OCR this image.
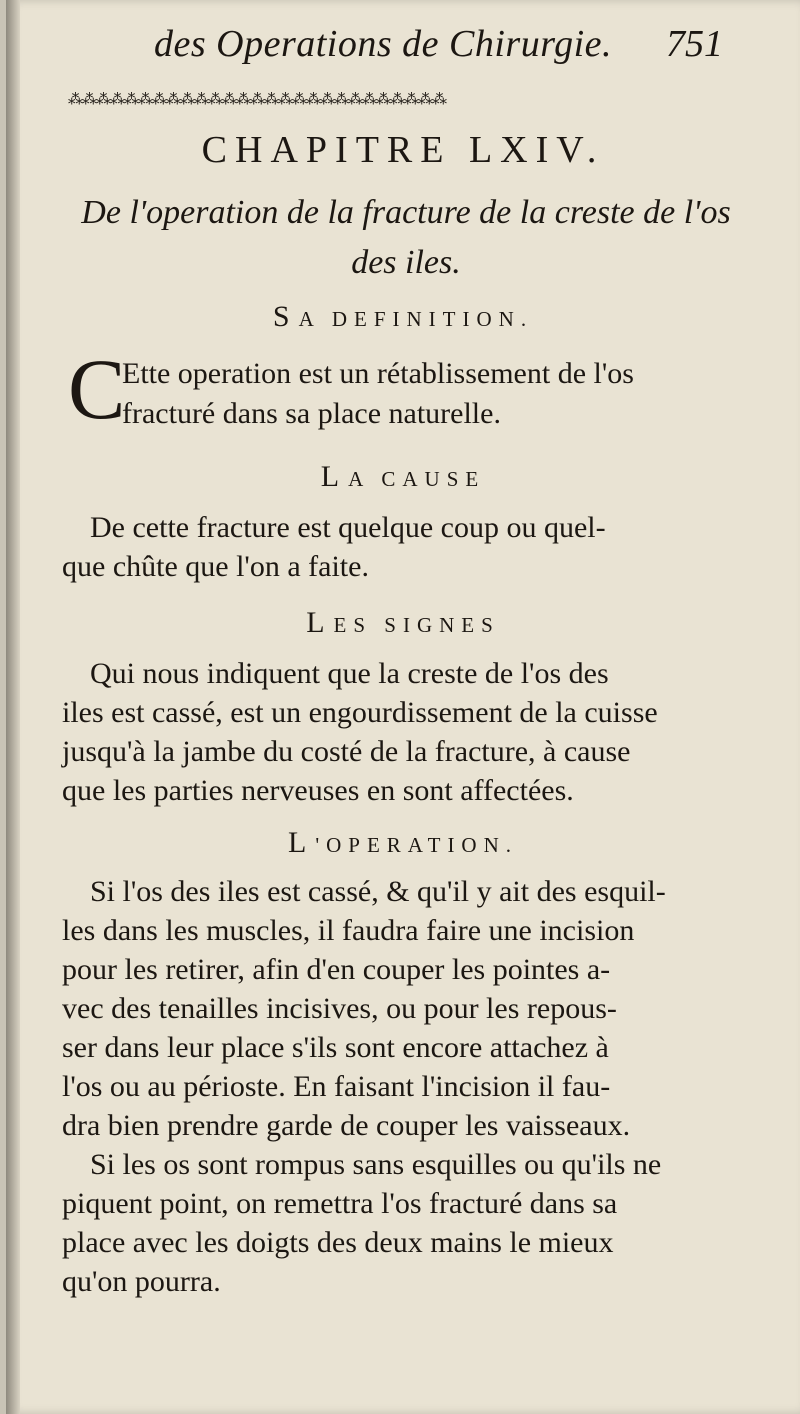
des Operations de Chirurgie. 751
⁂⁂⁂⁂⁂⁂⁂⁂⁂⁂⁂⁂⁂⁂⁂⁂⁂⁂⁂⁂⁂⁂⁂⁂⁂⁂⁂
CHAPITRE LXIV.
De l'operation de la fracture de la creste de l'os
des iles.
SA DEFINITION.
C
Ette operation est un rétablissement de l'os
fracturé dans sa place naturelle.
LA CAUSE
De cette fracture est quelque coup ou quel-
que chûte que l'on a faite.
LES SIGNES
Qui nous indiquent que la creste de l'os des
iles est cassé, est un engourdissement de la cuisse
jusqu'à la jambe du costé de la fracture, à cause
que les parties nerveuses en sont affectées.
L'OPERATION.
Si l'os des iles est cassé, & qu'il y ait des esquil-
les dans les muscles, il faudra faire une incision
pour les retirer, afin d'en couper les pointes a-
vec des tenailles incisives, ou pour les repous-
ser dans leur place s'ils sont encore attachez à
l'os ou au périoste. En faisant l'incision il fau-
dra bien prendre garde de couper les vaisseaux.
Si les os sont rompus sans esquilles ou qu'ils ne
piquent point, on remettra l'os fracturé dans sa
place avec les doigts des deux mains le mieux
qu'on pourra.
